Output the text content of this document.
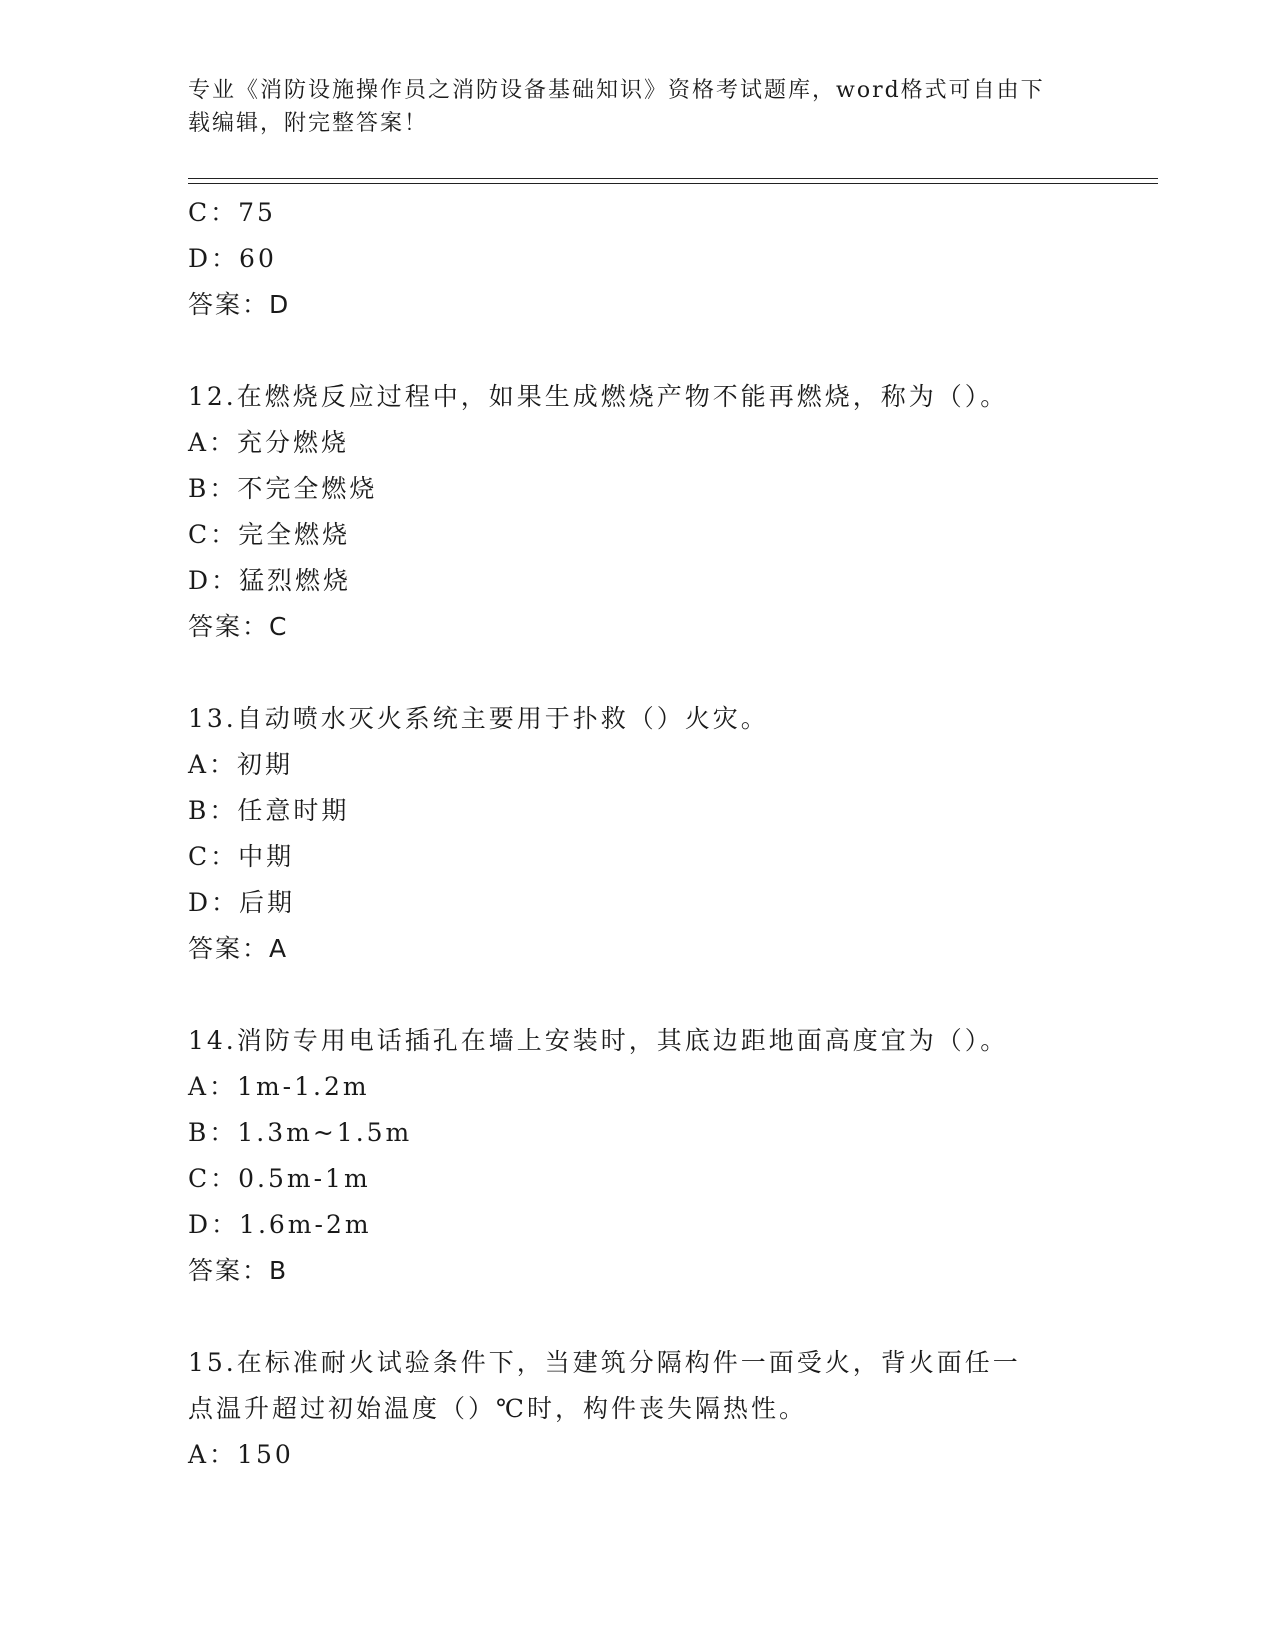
专业《消防设施操作员之消防设备基础知识》资格考试题库，word格式可自由下载编辑，附完整答案！
C：75
D：60
答案：D
12.在燃烧反应过程中，如果生成燃烧产物不能再燃烧，称为（）。
A：充分燃烧
B：不完全燃烧
C：完全燃烧
D：猛烈燃烧
答案：C
13.自动喷水灭火系统主要用于扑救（）火灾。
A：初期
B：任意时期
C：中期
D：后期
答案：A
14.消防专用电话插孔在墙上安装时，其底边距地面高度宜为（）。
A：1m-1.2m
B：1.3m~1.5m
C：0.5m-1m
D：1.6m-2m
答案：B
15.在标准耐火试验条件下，当建筑分隔构件一面受火，背火面任一点温升超过初始温度（）℃时，构件丧失隔热性。
A：150
